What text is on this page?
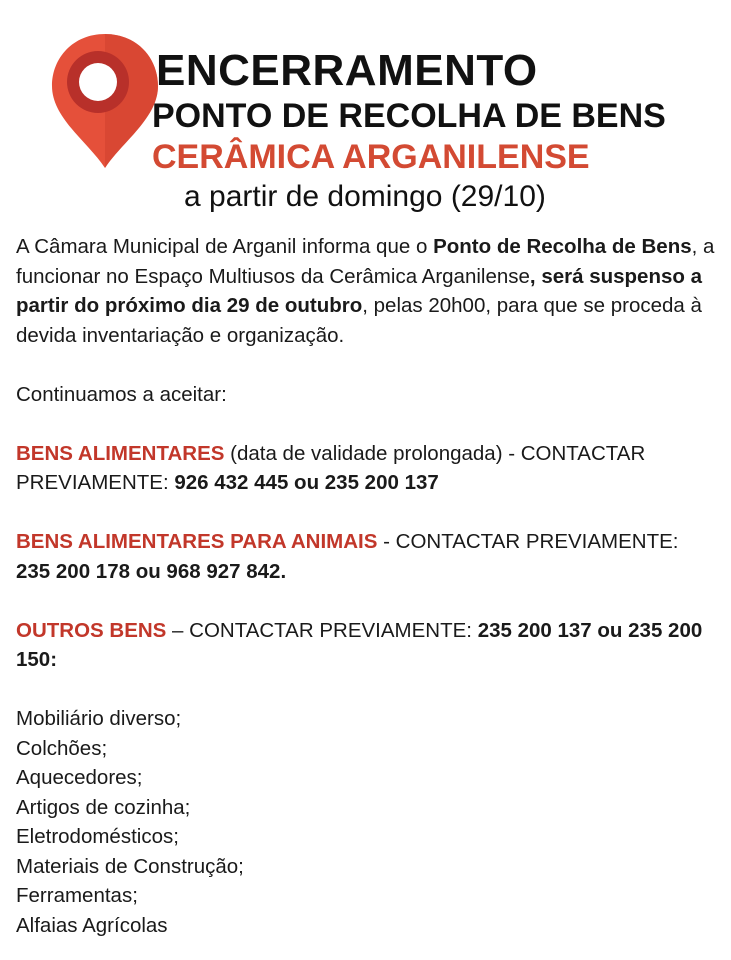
ENCERRAMENTO
PONTO DE RECOLHA DE BENS
CERÂMICA ARGANILENSE
a partir de domingo (29/10)

A Câmara Municipal de Arganil informa que o Ponto de Recolha de Bens, a funcionar no Espaço Multiusos da Cerâmica Arganilense, será suspenso a partir do próximo dia 29 de outubro, pelas 20h00, para que se proceda à devida inventariação e organização.

Continuamos a aceitar:

BENS ALIMENTARES (data de validade prolongada) - CONTACTAR PREVIAMENTE: 926 432 445 ou 235 200 137

BENS ALIMENTARES PARA ANIMAIS - CONTACTAR PREVIAMENTE: 235 200 178 ou 968 927 842.

OUTROS BENS – CONTACTAR PREVIAMENTE: 235 200 137 ou 235 200 150:

Mobiliário diverso;
Colchões;
Aquecedores;
Artigos de cozinha;
Eletrodomésticos;
Materiais de Construção;
Ferramentas;
Alfaias Agrícolas
